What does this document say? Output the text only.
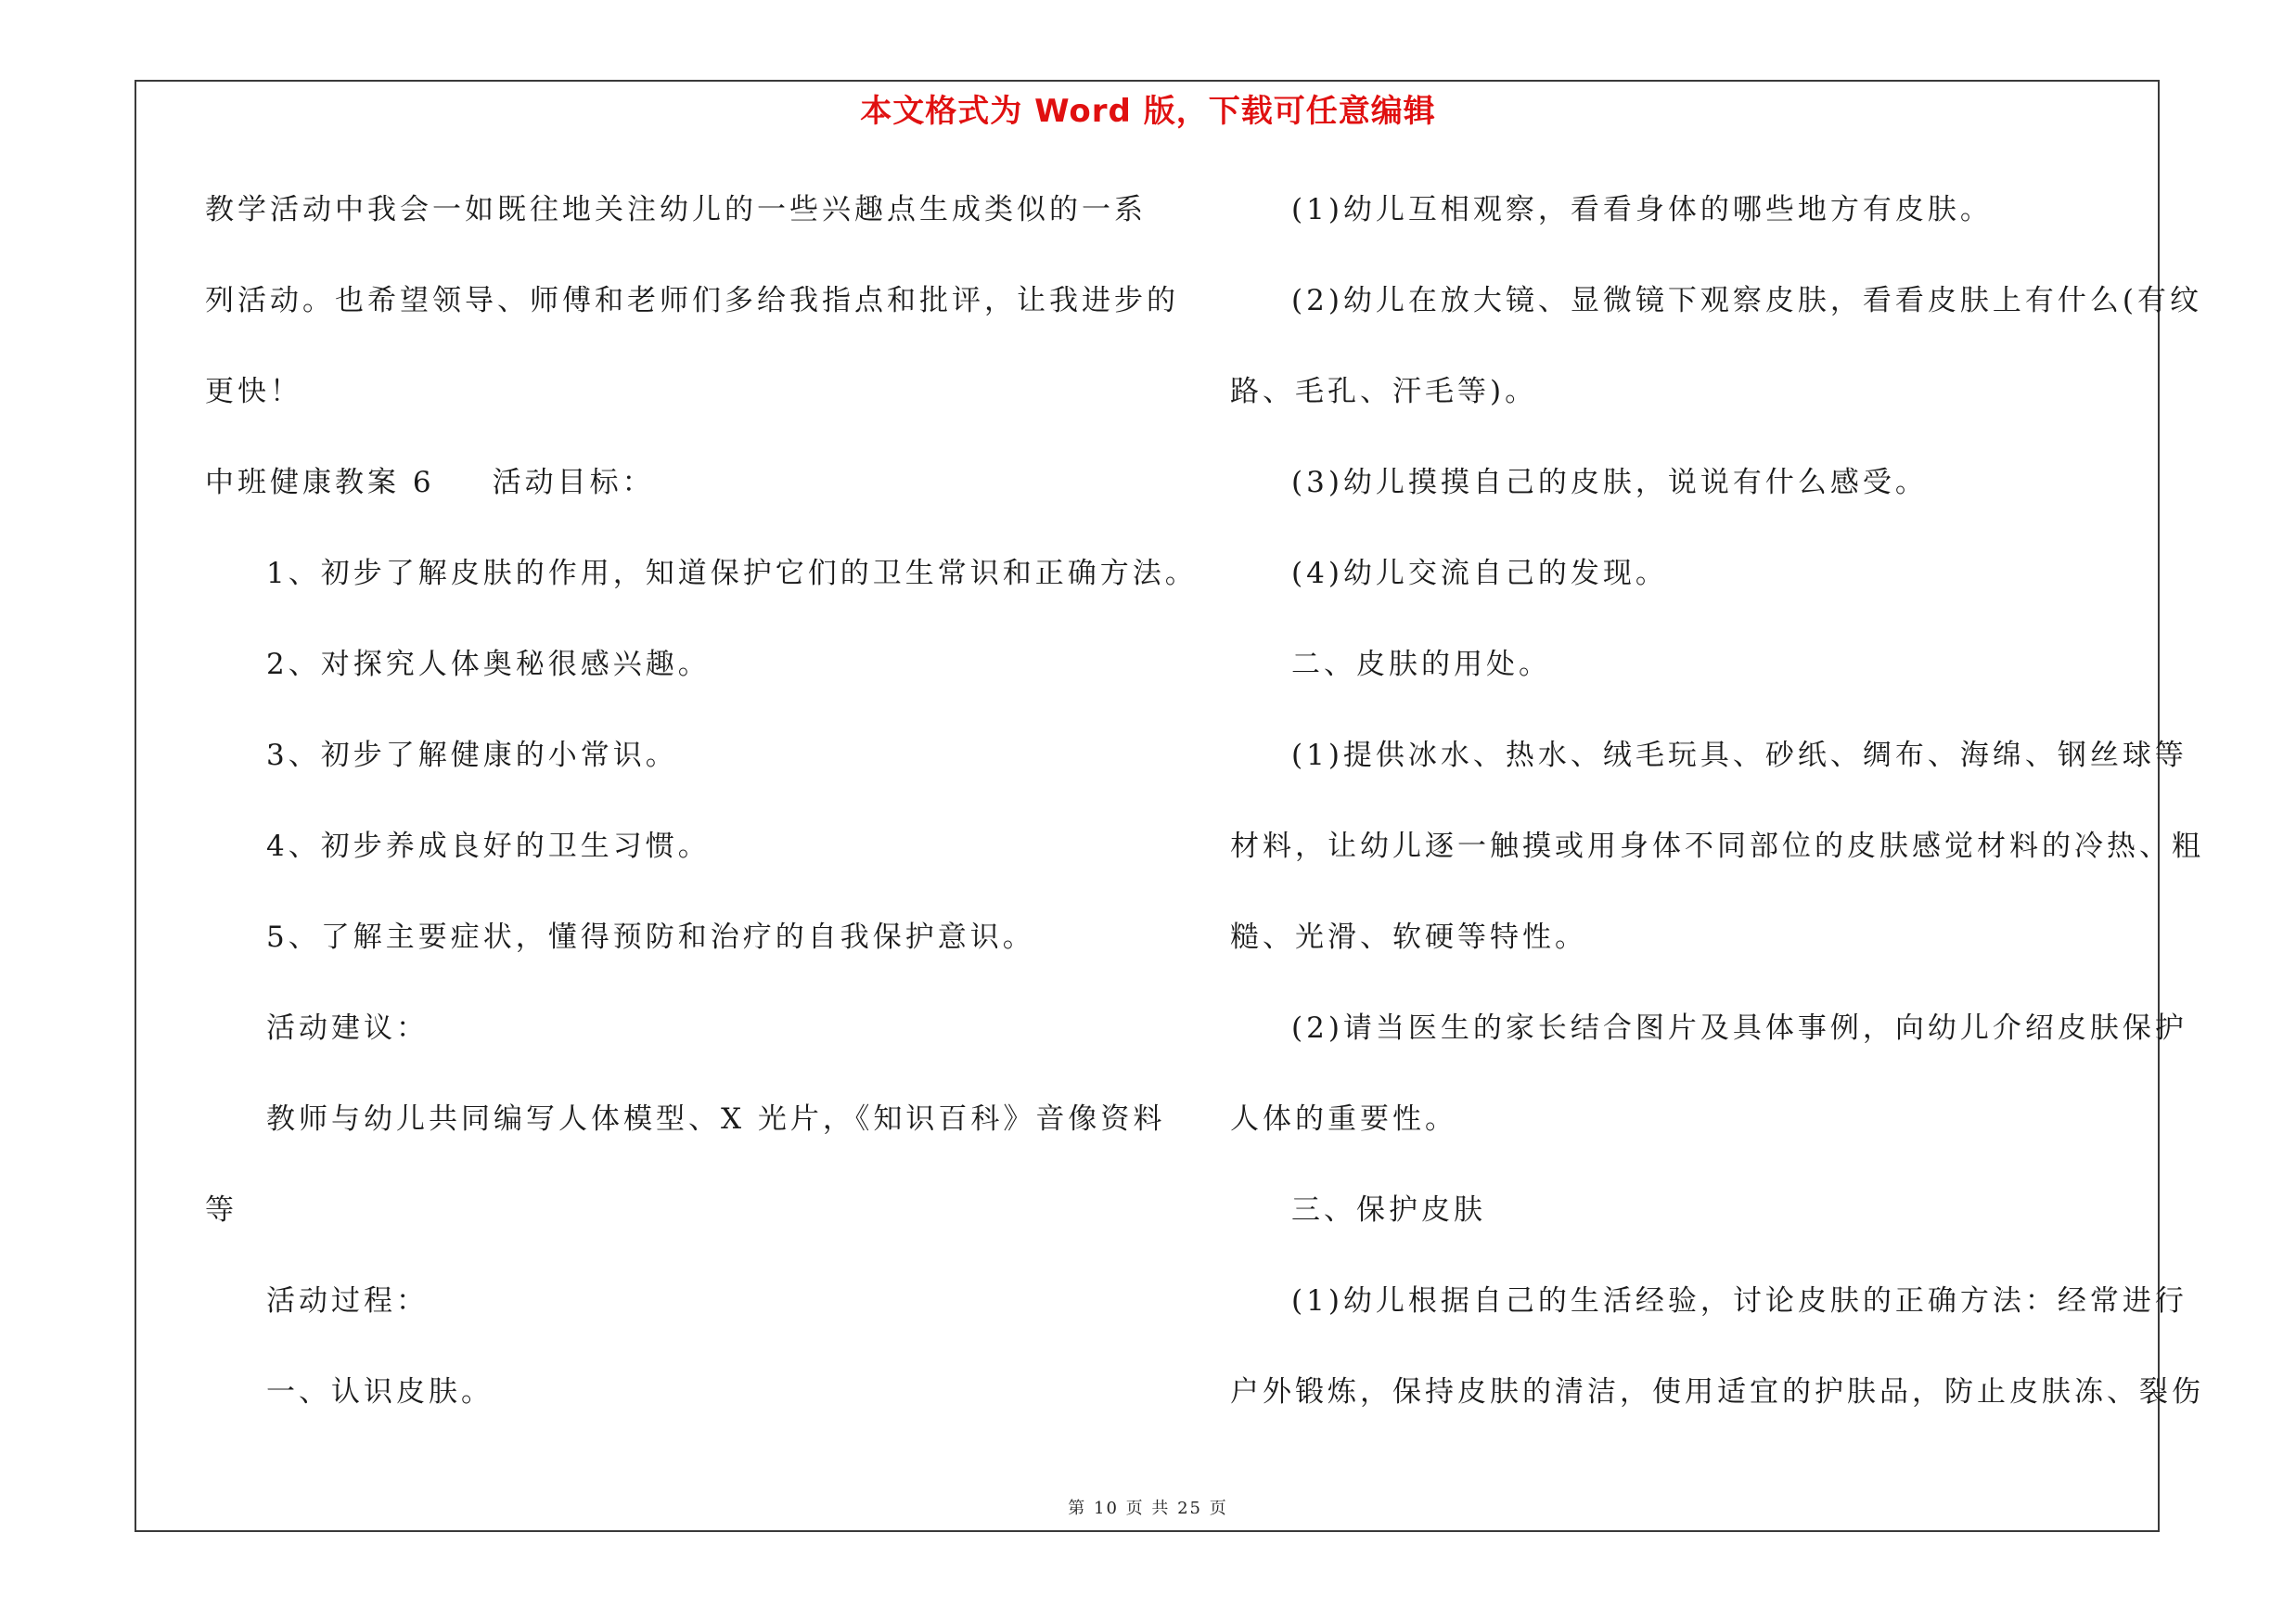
本文格式为 Word 版，下载可任意编辑
教学活动中我会一如既往地关注幼儿的一些兴趣点生成类似的一系
列活动。也希望领导、师傅和老师们多给我指点和批评，让我进步的
更快！
中班健康教案 6 活动目标：
1、初步了解皮肤的作用，知道保护它们的卫生常识和正确方法。
2、对探究人体奥秘很感兴趣。
3、初步了解健康的小常识。
4、初步养成良好的卫生习惯。
5、了解主要症状，懂得预防和治疗的自我保护意识。
活动建议：
教师与幼儿共同编写人体模型、X 光片，《知识百科》音像资料
等
活动过程：
一、认识皮肤。
(1)幼儿互相观察，看看身体的哪些地方有皮肤。
(2)幼儿在放大镜、显微镜下观察皮肤，看看皮肤上有什么(有纹
路、毛孔、汗毛等)。
(3)幼儿摸摸自己的皮肤，说说有什么感受。
(4)幼儿交流自己的发现。
二、皮肤的用处。
(1)提供冰水、热水、绒毛玩具、砂纸、绸布、海绵、钢丝球等
材料，让幼儿逐一触摸或用身体不同部位的皮肤感觉材料的冷热、粗
糙、光滑、软硬等特性。
(2)请当医生的家长结合图片及具体事例，向幼儿介绍皮肤保护
人体的重要性。
三、保护皮肤
(1)幼儿根据自己的生活经验，讨论皮肤的正确方法：经常进行
户外锻炼，保持皮肤的清洁，使用适宜的护肤品，防止皮肤冻、裂伤
第 10 页 共 25 页
